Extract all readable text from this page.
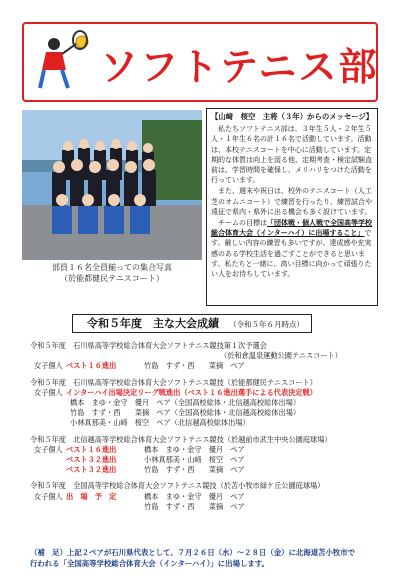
ソフトテニス部
部員１６名全員揃っての集合写真
（於能都健民テニスコート）
【山﨑　桜空　主将（３年）からのメッセージ】

私たちソフトテニス部は、３年生５人・２年生５人・１年生６名の計１６名で活動しています。活動は、本校テニスコートを中心に活動しています。定期的な体質は向上を図る他、定期考査・検定試験直前は、学習時間を確保し、メリハリをつけた活動を行っています。

また、週末や祝日は、校外のテニスコート（人工芝のオムニコート）で練習を行ったり、練習試合や遠征で県内・県外に出る機会も多く設けています。

チームの目標は「団体戦・個人戦で全国高等学校総合体育大会（インターハイ）に出場すること」です。厳しい内容の練習も多いですが、達成感や充実感のある学校生活を過ごすことができると思います。私たちと一緒に、高い目標に向かって頑張りたい人をお待ちしています。

令和５年度　主な大会成績 （令和５年６月時点）
令和５年度　石川県高等学校総合体育大会ソフトテニス競技第１次予選会
（於和倉温泉運動公園テニスコート）
女子個人 ベスト１６進出	竹島　すず・西　　菜摘　ペア
令和５年度　石川県高等学校総合体育大会ソフトテニス競技（於能都健民テニスコート）
女子個人 インターハイ出場決定リーグ戦進出（ベスト１６進出選手による代表決定戦）
橋本　まゆ・金守　優月　ペア（全国高校総体・北信越高校総体出場）
竹島　すず・西　　菜摘　ペア（全国高校総体・北信越高校総体出場）
小林真那美・山﨑　桜空　ペア（北信越高校総体出場）
令和５年度　北信越高等学校総合体育大会ソフトテニス競技（於越前市武生中央公園庭球場）
女子個人 ベスト１６進出	橋本　まゆ・金守　優月　ペア
ベスト３２進出	小林真那美・山﨑　桜空　ペア
ベスト３２進出	竹島　すず・西　　菜摘　ペア
令和５年度　全国高等学校総合体育大会ソフトテニス競技（於苫小牧市緑ケ丘公園庭球場）
女子個人 出　場　予　定	橋本　まゆ・金守　優月　ペア
竹島　すず・西　　菜摘　ペア
（補　足）上記２ペアが石川県代表として、７月２６日（水）～２８日（金）に北海道苫小牧市で
行われる「全国高等学校総合体育大会（インターハイ）」に出場します。
